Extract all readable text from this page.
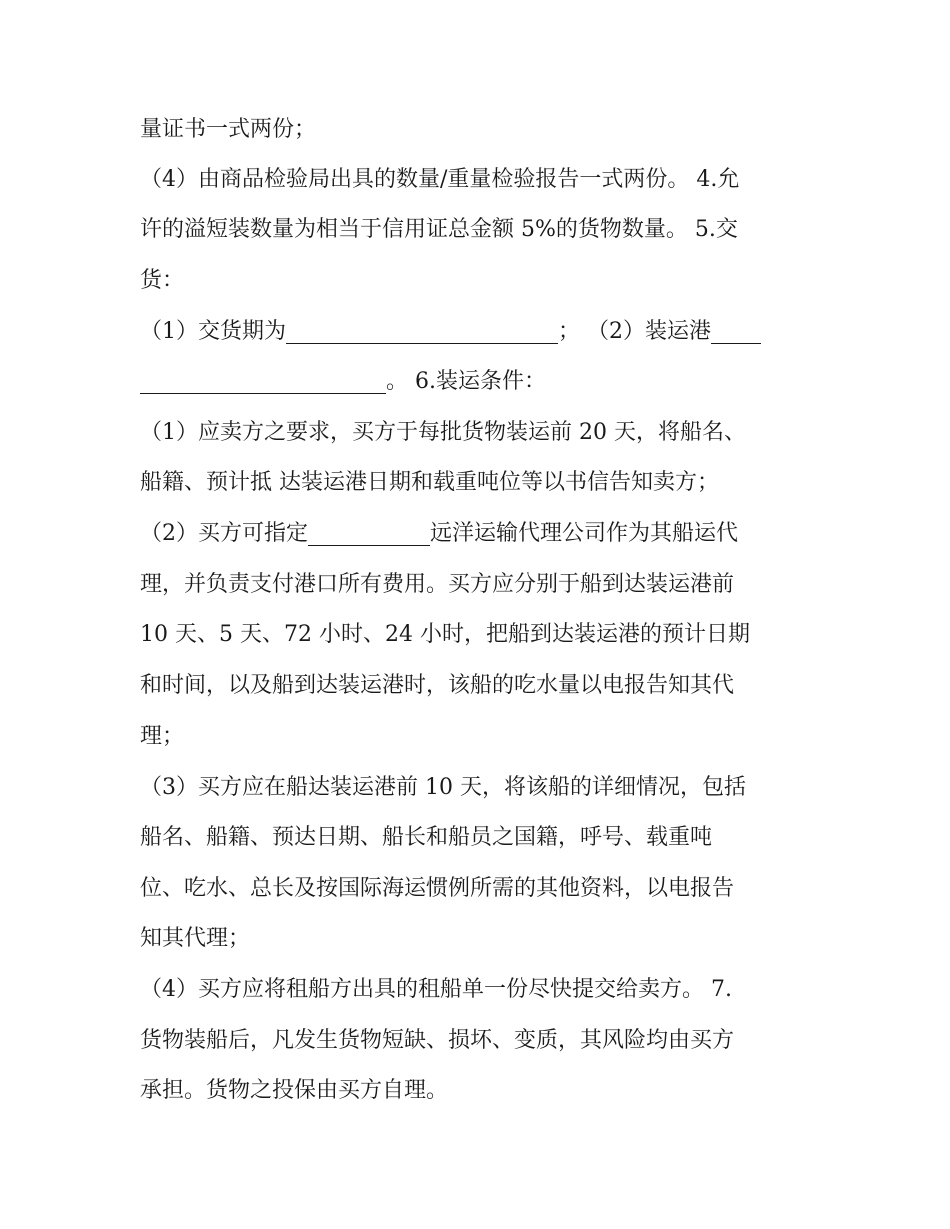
量证书一式两份；
（4）由商品检验局出具的数量/重量检验报告一式两份。 4.允
许的溢短装数量为相当于信用证总金额 5%的货物数量。 5.交
货：
（1）交货期为	； （2）装运港
。 6.装运条件：
（1）应卖方之要求，买方于每批货物装运前 20 天，将船名、
船籍、预计抵 达装运港日期和载重吨位等以书信告知卖方；
（2）买方可指定	远洋运输代理公司作为其船运代
理，并负责支付港口所有费用。买方应分别于船到达装运港前
10 天、5 天、72 小时、24 小时，把船到达装运港的预计日期
和时间，以及船到达装运港时，该船的吃水量以电报告知其代
理；
（3）买方应在船达装运港前 10 天，将该船的详细情况，包括
船名、船籍、预达日期、船长和船员之国籍，呼号、载重吨
位、吃水、总长及按国际海运惯例所需的其他资料，以电报告
知其代理；
（4）买方应将租船方出具的租船单一份尽快提交给卖方。 7.
货物装船后，凡发生货物短缺、损坏、变质，其风险均由买方
承担。货物之投保由买方自理。
